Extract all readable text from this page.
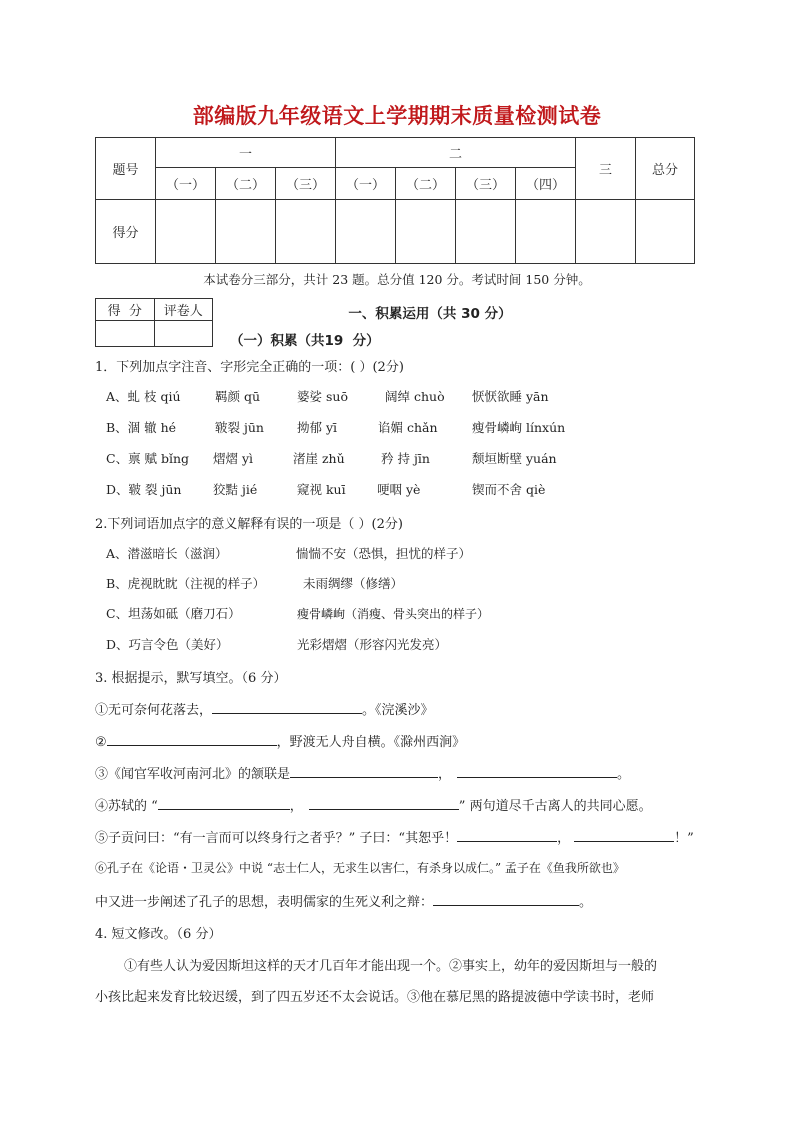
部编版九年级语文上学期期末质量检测试卷
题号	一			二				三	总分
	（一）	（二）	（三）	（一）	（二）	（三）	（四）		
得分									
本试卷分三部分，共计 23 题。总分值 120 分。考试时间 150 分钟。
得  分	评卷人
		一、积累运用（共 30 分）
（一）积累（共19  分）
1．下列加点字注音、字形完全正确的一项：( ）(2分)
A、虬 枝 qiú	羁颜 qū	婆娑 suō	阔绰 chuò 恹恹欲睡 yān
B、涸 辙 hé	皲裂 jūn	拗郁 yī	谄媚 chǎn	瘦骨嶙峋 línxún
C、禀 赋 bǐng 熠熠 yì	渚崖 zhǔ	矜 持 jīn	颓垣断壁 yuán
D、皲 裂 jūn	狡黠 jié	窥视 kuī	哽咽 yè	锲而不舍 qiè
2.下列词语加点字的意义解释有误的一项是（ ）(2分)
A、潜滋暗长（滋润）	惴惴不安（恐惧，担忧的样子）
B、虎视眈眈（注视的样子）	未雨绸缪（修缮）
C、坦荡如砥（磨刀石）	瘦骨嶙峋（消瘦、骨头突出的样子）
D、巧言令色（美好）	光彩熠熠（形容闪光发亮）
3. 根据提示，默写填空。（6 分）
①无可奈何花落去，	。《浣溪沙》
②	，野渡无人舟自横。《滁州西涧》
③《闻官军收河南河北》的颔联是	，	。
④苏轼的 “	，	” 两句道尽千古离人的共同心愿。
⑤子贡问曰：“有一言而可以终身行之者乎？” 子曰：“其恕乎！	，	！”
⑥孔子在《论语・卫灵公》中说 “志士仁人，无求生以害仁，有杀身以成仁。” 孟子在《鱼我所欲也》
中又进一步阐述了孔子的思想，表明儒家的生死义利之辩：	。
4. 短文修改。（6 分）
①有些人认为爱因斯坦这样的天才几百年才能出现一个。②事实上，幼年的爱因斯坦与一般的
小孩比起来发育比较迟缓，到了四五岁还不太会说话。③他在慕尼黑的路提波德中学读书时，老师
